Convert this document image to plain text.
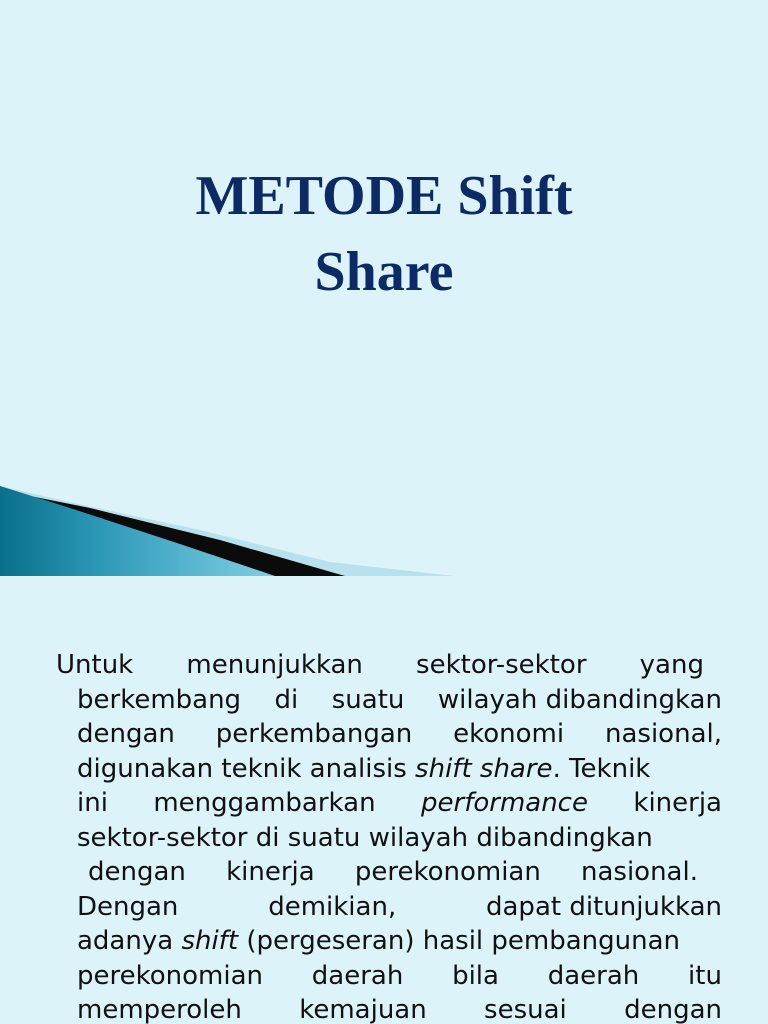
METODE Shift
Share
Untuk menunjukkan sektor-sektor yang
berkembang di suatu wilayah dibandingkan
dengan perkembangan ekonomi nasional,
digunakan teknik analisis shift share. Teknik
ini menggambarkan performance kinerja
sektor-sektor di suatu wilayah dibandingkan
dengan kinerja perekonomian nasional.
Dengan	demikian,	dapat ditunjukkan
adanya shift (pergeseran) hasil pembangunan
perekonomian daerah bila daerah itu
memperoleh kemajuan sesuai dengan
